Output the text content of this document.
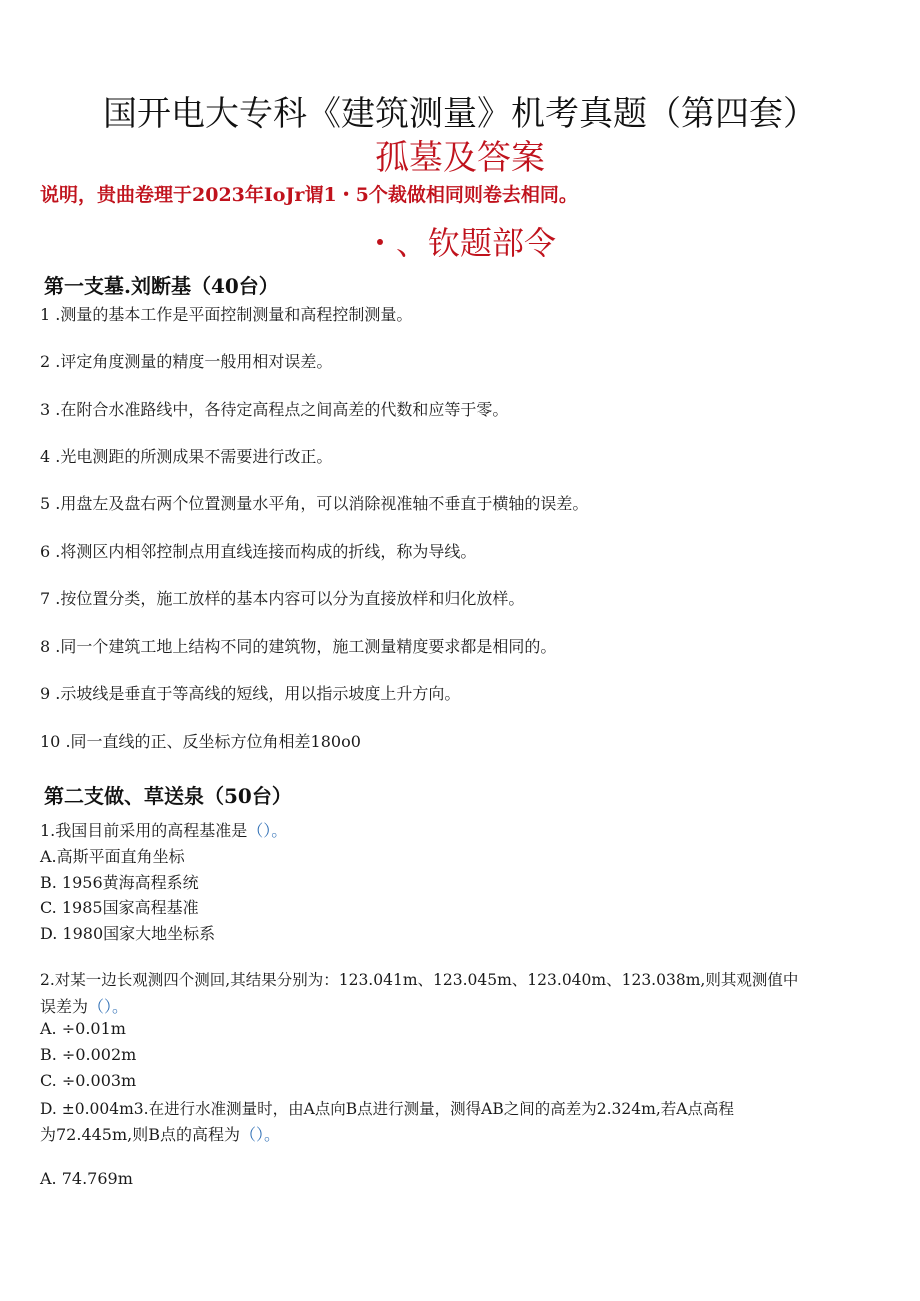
国开电大专科《建筑测量》机考真题（第四套）
孤墓及答案
说明，贵曲卷理于2023年IoJr谓1・5个裁做相同则卷去相同。
・、钦题部令
第一支墓.刘断基（40台）
1 .测量的基本工作是平面控制测量和高程控制测量。
2 .评定角度测量的精度一般用相对误差。
3 .在附合水准路线中，各待定高程点之间高差的代数和应等于零。
4 .光电测距的所测成果不需要进行改正。
5 .用盘左及盘右两个位置测量水平角，可以消除视准轴不垂直于横轴的误差。
6 .将测区内相邻控制点用直线连接而构成的折线，称为导线。
7 .按位置分类，施工放样的基本内容可以分为直接放样和归化放样。
8 .同一个建筑工地上结构不同的建筑物，施工测量精度要求都是相同的。
9 .示坡线是垂直于等高线的短线，用以指示坡度上升方向。
10 .同一直线的正、反坐标方位角相差180o0
第二支做、草送泉（50台）
1.我国目前采用的高程基准是（）。
A.高斯平面直角坐标
B. 1956黄海高程系统
C. 1985国家高程基准
D. 1980国家大地坐标系
2.对某一边长观测四个测回,其结果分别为：123.041m、123.045m、123.040m、123.038m,则其观测值中
误差为（）。
A. ÷0.01m
B. ÷0.002m
C. ÷0.003m
D. ±0.004m3.在进行水准测量时，由A点向B点进行测量，测得AB之间的高差为2.324m,若A点高程
为72.445m,则B点的高程为（）。
A. 74.769m
